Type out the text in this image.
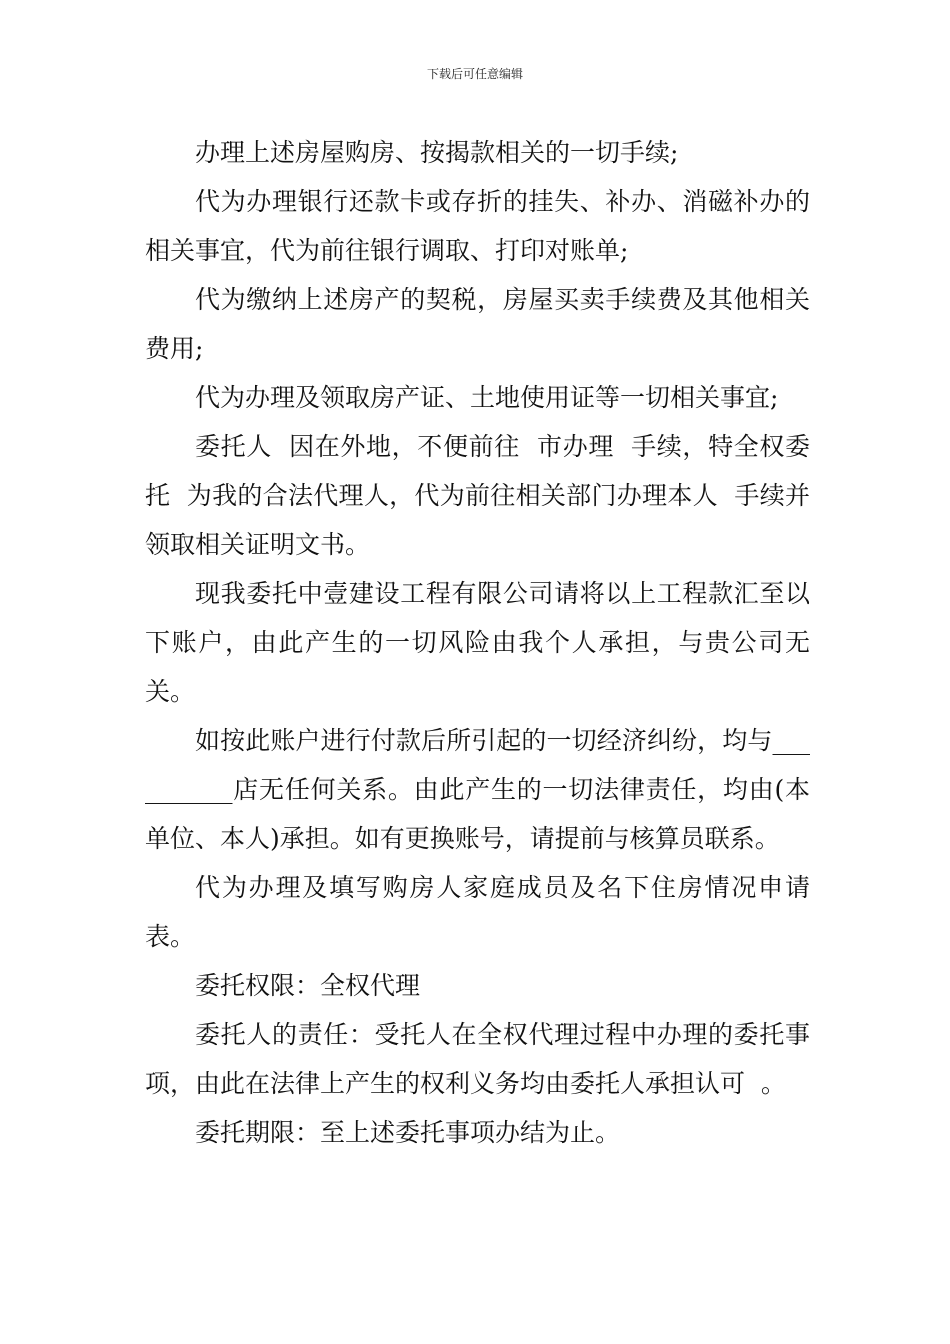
下载后可任意编辑

办理上述房屋购房、按揭款相关的一切手续;

代为办理银行还款卡或存折的挂失、补办、消磁补办的相关事宜，代为前往银行调取、打印对账单;

代为缴纳上述房产的契税，房屋买卖手续费及其他相关费用;

代为办理及领取房产证、土地使用证等一切相关事宜;

委托人  因在外地，不便前往  市办理  手续，特全权委托  为我的合法代理人，代为前往相关部门办理本人  手续并领取相关证明文书。

现我委托中壹建设工程有限公司请将以上工程款汇至以下账户，由此产生的一切风险由我个人承担，与贵公司无关。

如按此账户进行付款后所引起的一切经济纠纷，均与__________店无任何关系。由此产生的一切法律责任，均由(本单位、本人)承担。如有更换账号，请提前与核算员联系。

代为办理及填写购房人家庭成员及名下住房情况申请表。

委托权限：全权代理

委托人的责任：受托人在全权代理过程中办理的委托事项，由此在法律上产生的权利义务均由委托人承担认可  。

委托期限：至上述委托事项办结为止。
